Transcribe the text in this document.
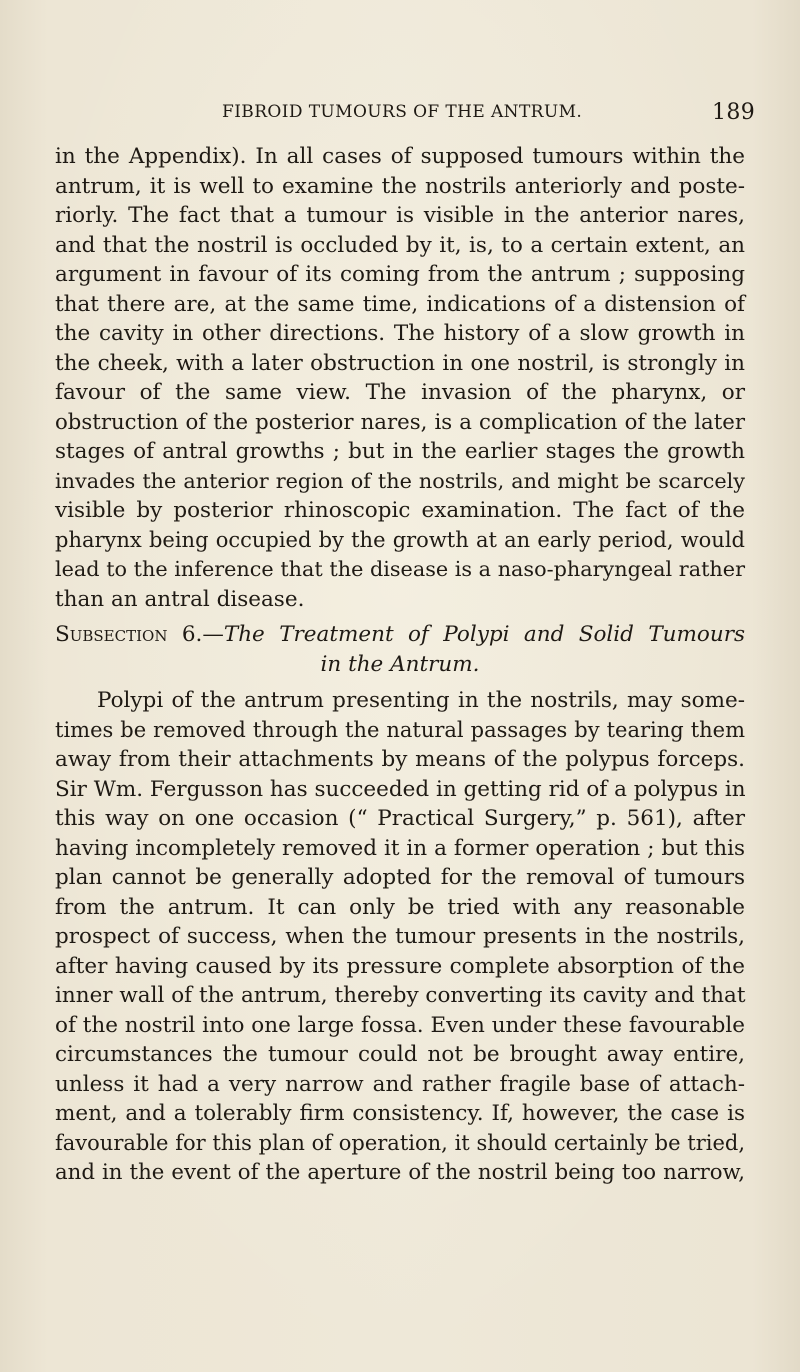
FIBROID TUMOURS OF THE ANTRUM.	189
in the Appendix). In all cases of supposed tumours within the
antrum, it is well to examine the nostrils anteriorly and poste-
riorly. The fact that a tumour is visible in the anterior nares,
and that the nostril is occluded by it, is, to a certain extent, an
argument in favour of its coming from the antrum ; supposing
that there are, at the same time, indications of a distension of
the cavity in other directions. The history of a slow growth in
the cheek, with a later obstruction in one nostril, is strongly in
favour of the same view. The invasion of the pharynx, or
obstruction of the posterior nares, is a complication of the later
stages of antral growths ; but in the earlier stages the growth
invades the anterior region of the nostrils, and might be scarcely
visible by posterior rhinoscopic examination. The fact of the
pharynx being occupied by the growth at an early period, would
lead to the inference that the disease is a naso-pharyngeal rather
than an antral disease.
Subsection 6.—The Treatment of Polypi and Solid Tumours
in the Antrum.
Polypi of the antrum presenting in the nostrils, may some-
times be removed through the natural passages by tearing them
away from their attachments by means of the polypus forceps.
Sir Wm. Fergusson has succeeded in getting rid of a polypus in
this way on one occasion (“ Practical Surgery,” p. 561), after
having incompletely removed it in a former operation ; but this
plan cannot be generally adopted for the removal of tumours
from the antrum. It can only be tried with any reasonable
prospect of success, when the tumour presents in the nostrils,
after having caused by its pressure complete absorption of the
inner wall of the antrum, thereby converting its cavity and that
of the nostril into one large fossa. Even under these favourable
circumstances the tumour could not be brought away entire,
unless it had a very narrow and rather fragile base of attach-
ment, and a tolerably firm consistency. If, however, the case is
favourable for this plan of operation, it should certainly be tried,
and in the event of the aperture of the nostril being too narrow,
